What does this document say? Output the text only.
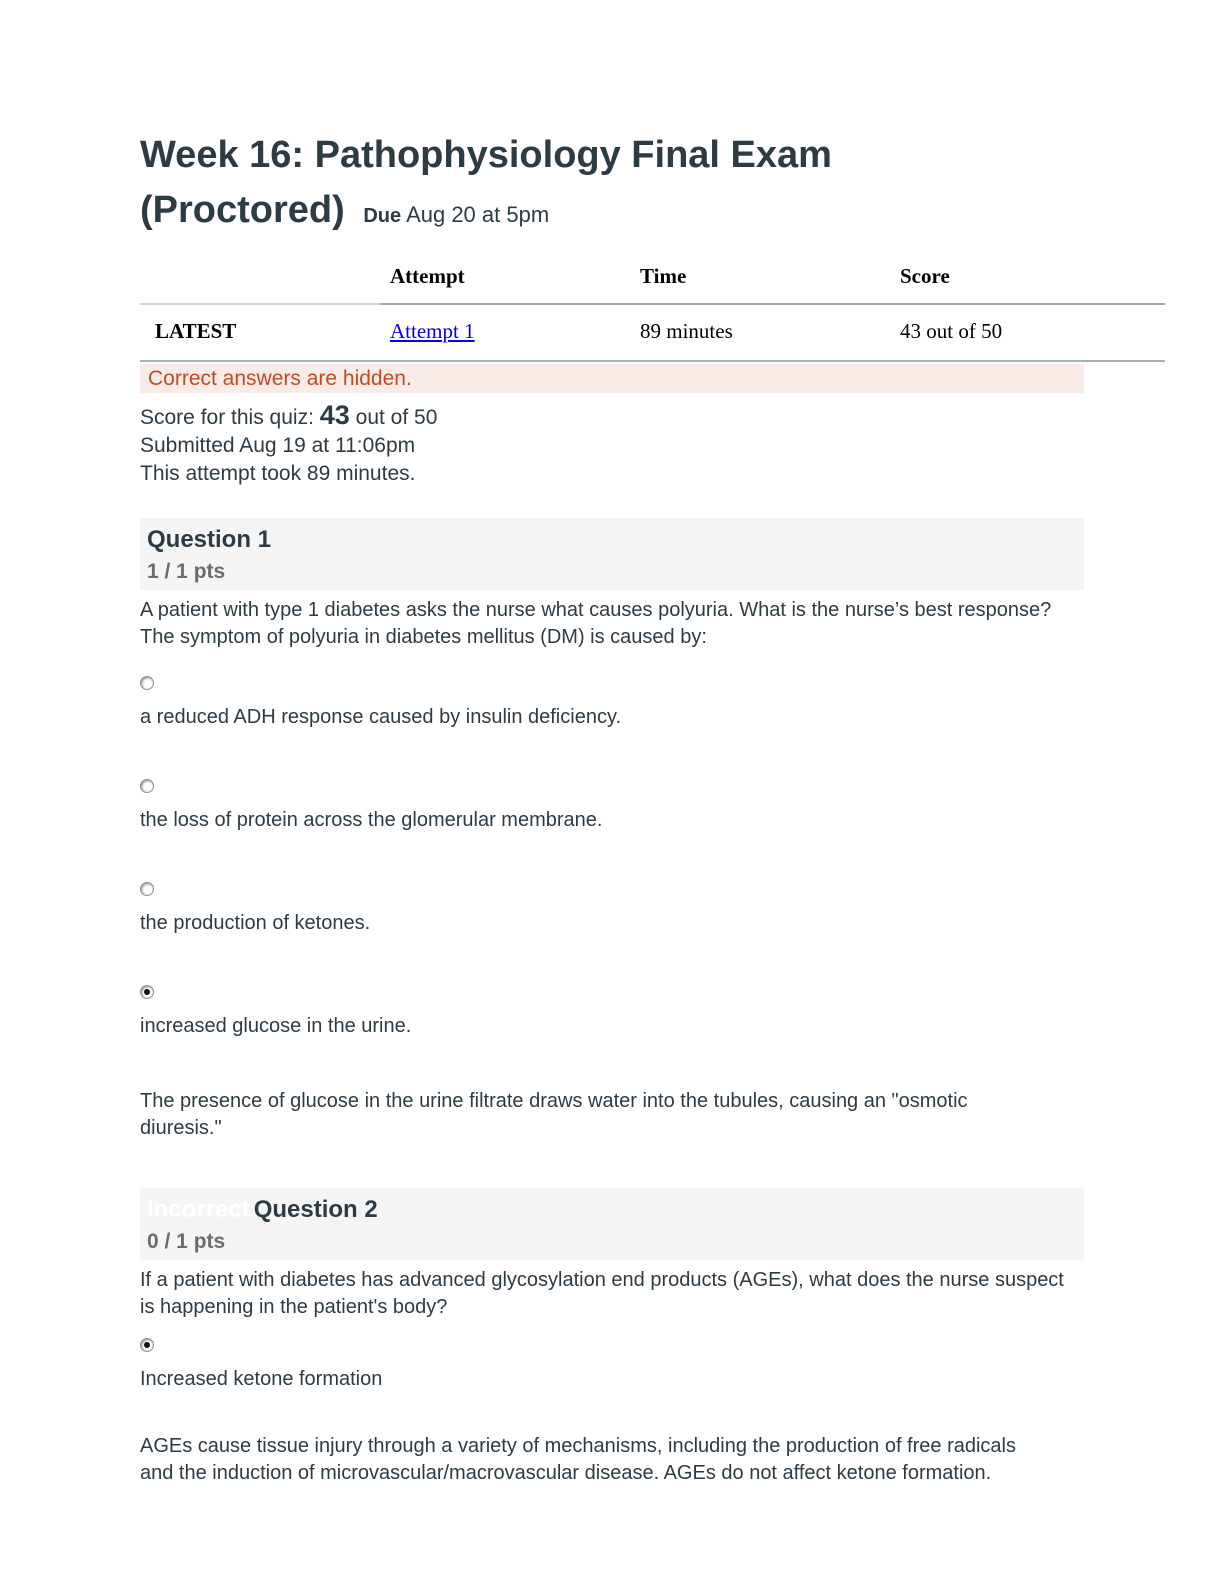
Week 16: Pathophysiology Final Exam (Proctored) Due Aug 20 at 5pm
	Attempt	Time	Score
LATEST	Attempt 1	89 minutes	43 out of 50
Correct answers are hidden.

Score for this quiz: 43 out of 50

Submitted Aug 19 at 11:06pm

This attempt took 89 minutes.

Question 1
1 / 1 pts

A patient with type 1 diabetes asks the nurse what causes polyuria. What is the nurse’s best response? The symptom of polyuria in diabetes mellitus (DM) is caused by:

a reduced ADH response caused by insulin deficiency.
the loss of protein across the glomerular membrane.
the production of ketones.
increased glucose in the urine.

The presence of glucose in the urine filtrate draws water into the tubules, causing an "osmotic diuresis."

Incorrect Question 2
0 / 1 pts

If a patient with diabetes has advanced glycosylation end products (AGEs), what does the nurse suspect is happening in the patient's body?

Increased ketone formation

AGEs cause tissue injury through a variety of mechanisms, including the production of free radicals and the induction of microvascular/macrovascular disease. AGEs do not affect ketone formation.
